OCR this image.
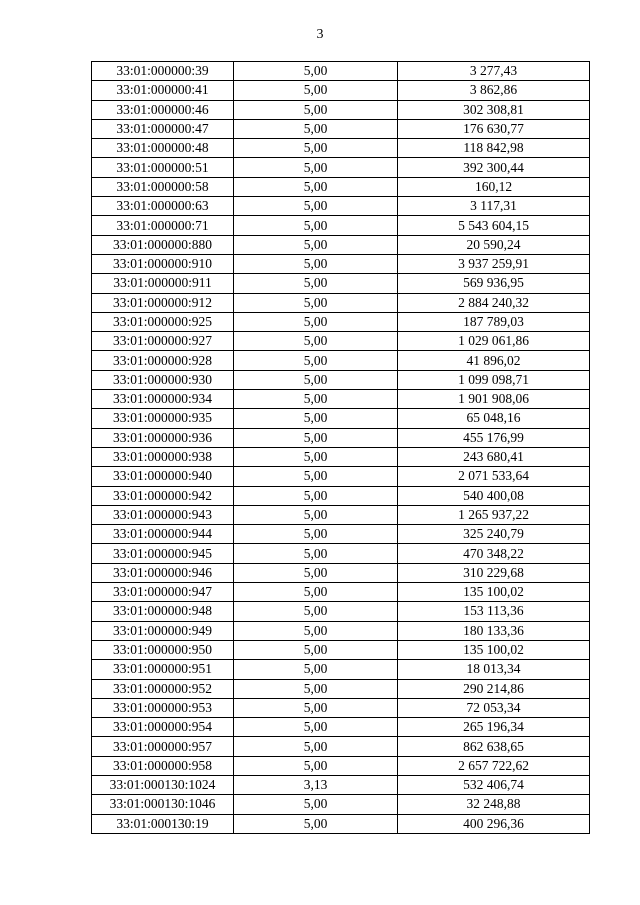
3
33:01:000000:39	5,00	3 277,43
33:01:000000:41	5,00	3 862,86
33:01:000000:46	5,00	302 308,81
33:01:000000:47	5,00	176 630,77
33:01:000000:48	5,00	118 842,98
33:01:000000:51	5,00	392 300,44
33:01:000000:58	5,00	160,12
33:01:000000:63	5,00	3 117,31
33:01:000000:71	5,00	5 543 604,15
33:01:000000:880	5,00	20 590,24
33:01:000000:910	5,00	3 937 259,91
33:01:000000:911	5,00	569 936,95
33:01:000000:912	5,00	2 884 240,32
33:01:000000:925	5,00	187 789,03
33:01:000000:927	5,00	1 029 061,86
33:01:000000:928	5,00	41 896,02
33:01:000000:930	5,00	1 099 098,71
33:01:000000:934	5,00	1 901 908,06
33:01:000000:935	5,00	65 048,16
33:01:000000:936	5,00	455 176,99
33:01:000000:938	5,00	243 680,41
33:01:000000:940	5,00	2 071 533,64
33:01:000000:942	5,00	540 400,08
33:01:000000:943	5,00	1 265 937,22
33:01:000000:944	5,00	325 240,79
33:01:000000:945	5,00	470 348,22
33:01:000000:946	5,00	310 229,68
33:01:000000:947	5,00	135 100,02
33:01:000000:948	5,00	153 113,36
33:01:000000:949	5,00	180 133,36
33:01:000000:950	5,00	135 100,02
33:01:000000:951	5,00	18 013,34
33:01:000000:952	5,00	290 214,86
33:01:000000:953	5,00	72 053,34
33:01:000000:954	5,00	265 196,34
33:01:000000:957	5,00	862 638,65
33:01:000000:958	5,00	2 657 722,62
33:01:000130:1024	3,13	532 406,74
33:01:000130:1046	5,00	32 248,88
33:01:000130:19	5,00	400 296,36
